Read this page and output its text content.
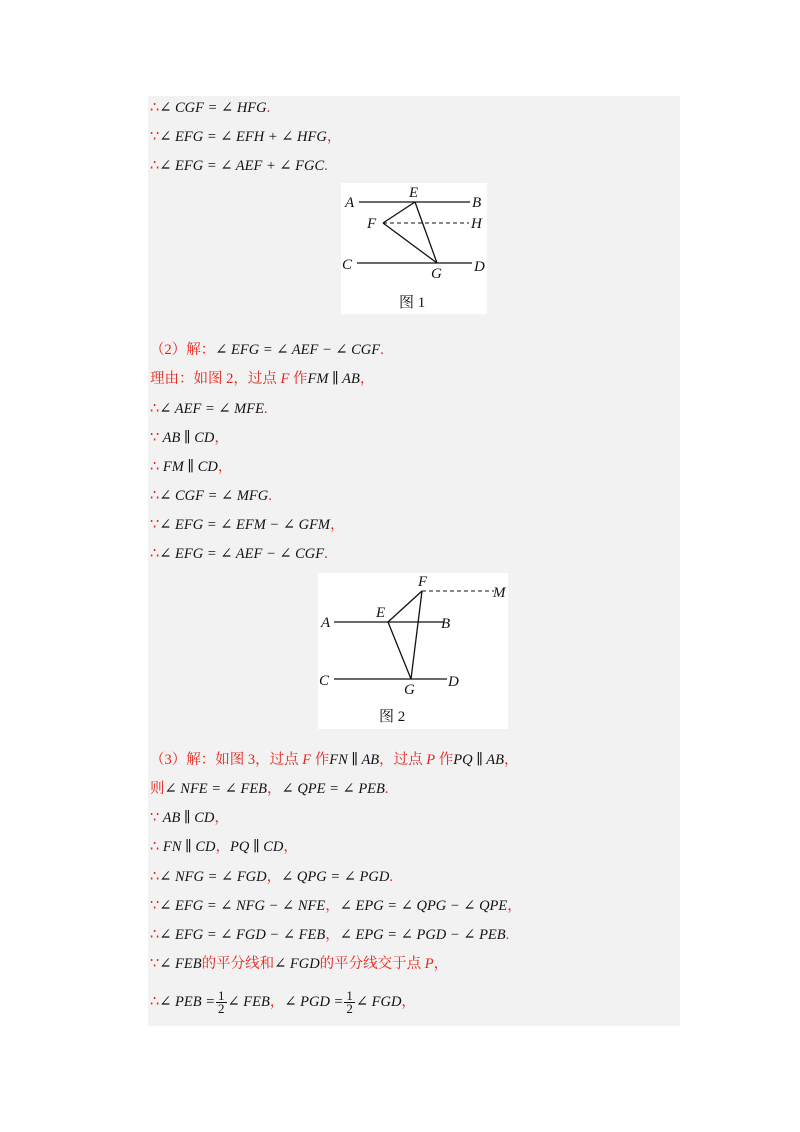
∴∠ CGF = ∠ HFG.
∵∠ EFG = ∠ EFH + ∠ HFG，
∴∠ EFG = ∠ AEF + ∠ FGC.
A	B
E
F	H
C	D
G
图 1
（2）解：∠ EFG = ∠ AEF − ∠ CGF.
理由：如图 2，过点 F 作FM ∥ AB，
∴∠ AEF = ∠ MFE.
∵ AB ∥ CD，
∴ FM ∥ CD，
∴∠ CGF = ∠ MFG.
∵∠ EFG = ∠ EFM − ∠ GFM，
∴∠ EFG = ∠ AEF − ∠ CGF.
F
M
A
E
B
C
G D
图 2
（3）解：如图 3，过点 F 作FN ∥ AB，过点 P 作PQ ∥ AB，
则∠ NFE = ∠ FEB，∠ QPE = ∠ PEB.
∵ AB ∥ CD，
∴ FN ∥ CD，PQ ∥ CD，
∴∠ NFG = ∠ FGD，∠ QPG = ∠ PGD.
∵∠ EFG = ∠ NFG − ∠ NFE，∠ EPG = ∠ QPG − ∠ QPE，
∴∠ EFG = ∠ FGD − ∠ FEB，∠ EPG = ∠ PGD − ∠ PEB.
∵∠ FEB的平分线和∠ FGD的平分线交于点 P，
∴∠ PEB = $\frac{1}{2}$ ∠ FEB，∠ PGD = $\frac{1}{2}$ ∠ FGD，
